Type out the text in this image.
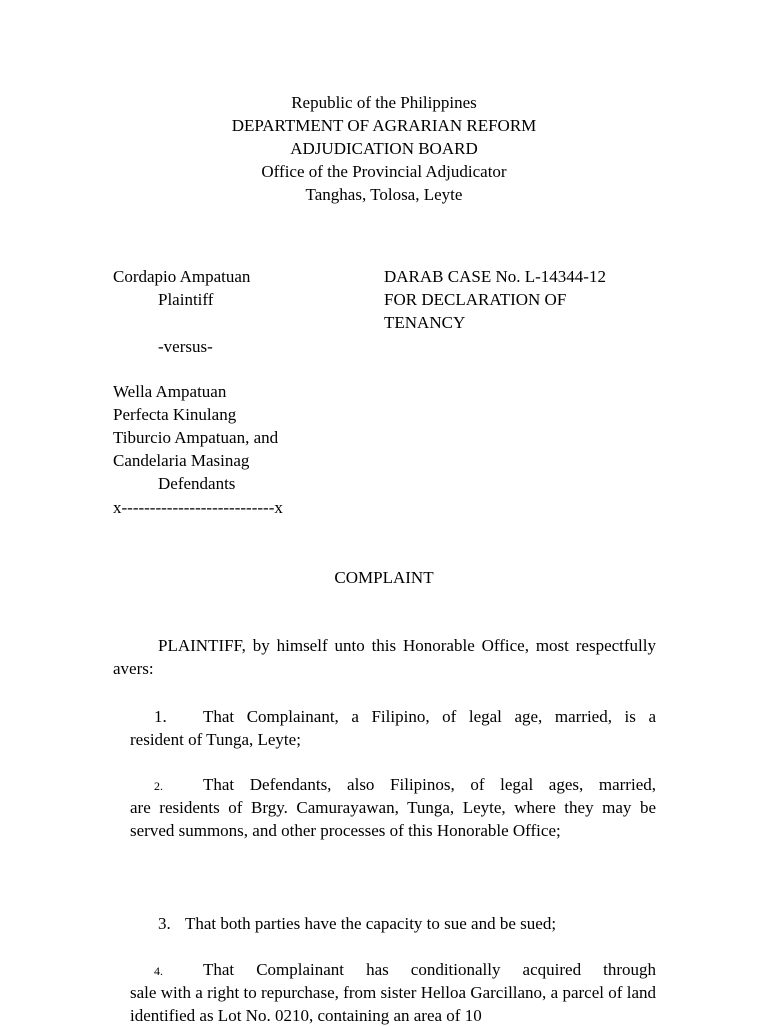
Republic of the Philippines
DEPARTMENT OF AGRARIAN REFORM
ADJUDICATION BOARD
Office of the Provincial Adjudicator
Tanghas, Tolosa, Leyte
Cordapio Ampatuan
Plaintiff
-versus-
Wella Ampatuan
Perfecta Kinulang
Tiburcio Ampatuan, and
Candelaria Masinag
Defendants
x---------------------------x
DARAB CASE No. L-14344-12
FOR DECLARATION OF
TENANCY
COMPLAINT
PLAINTIFF, by himself unto this Honorable Office, most respectfully avers:
1. That Complainant, a Filipino, of legal age, married, is a
resident of Tunga, Leyte;
2. That Defendants, also Filipinos, of legal ages, married,
are residents of Brgy. Camurayawan, Tunga, Leyte, where they may be served summons, and other processes of this Honorable Office;
3. That both parties have the capacity to sue and be sued;
4. That Complainant has conditionally acquired through
sale with a right to repurchase, from sister Helloa Garcillano, a parcel of land identified as Lot No. 0210, containing an area of 10
